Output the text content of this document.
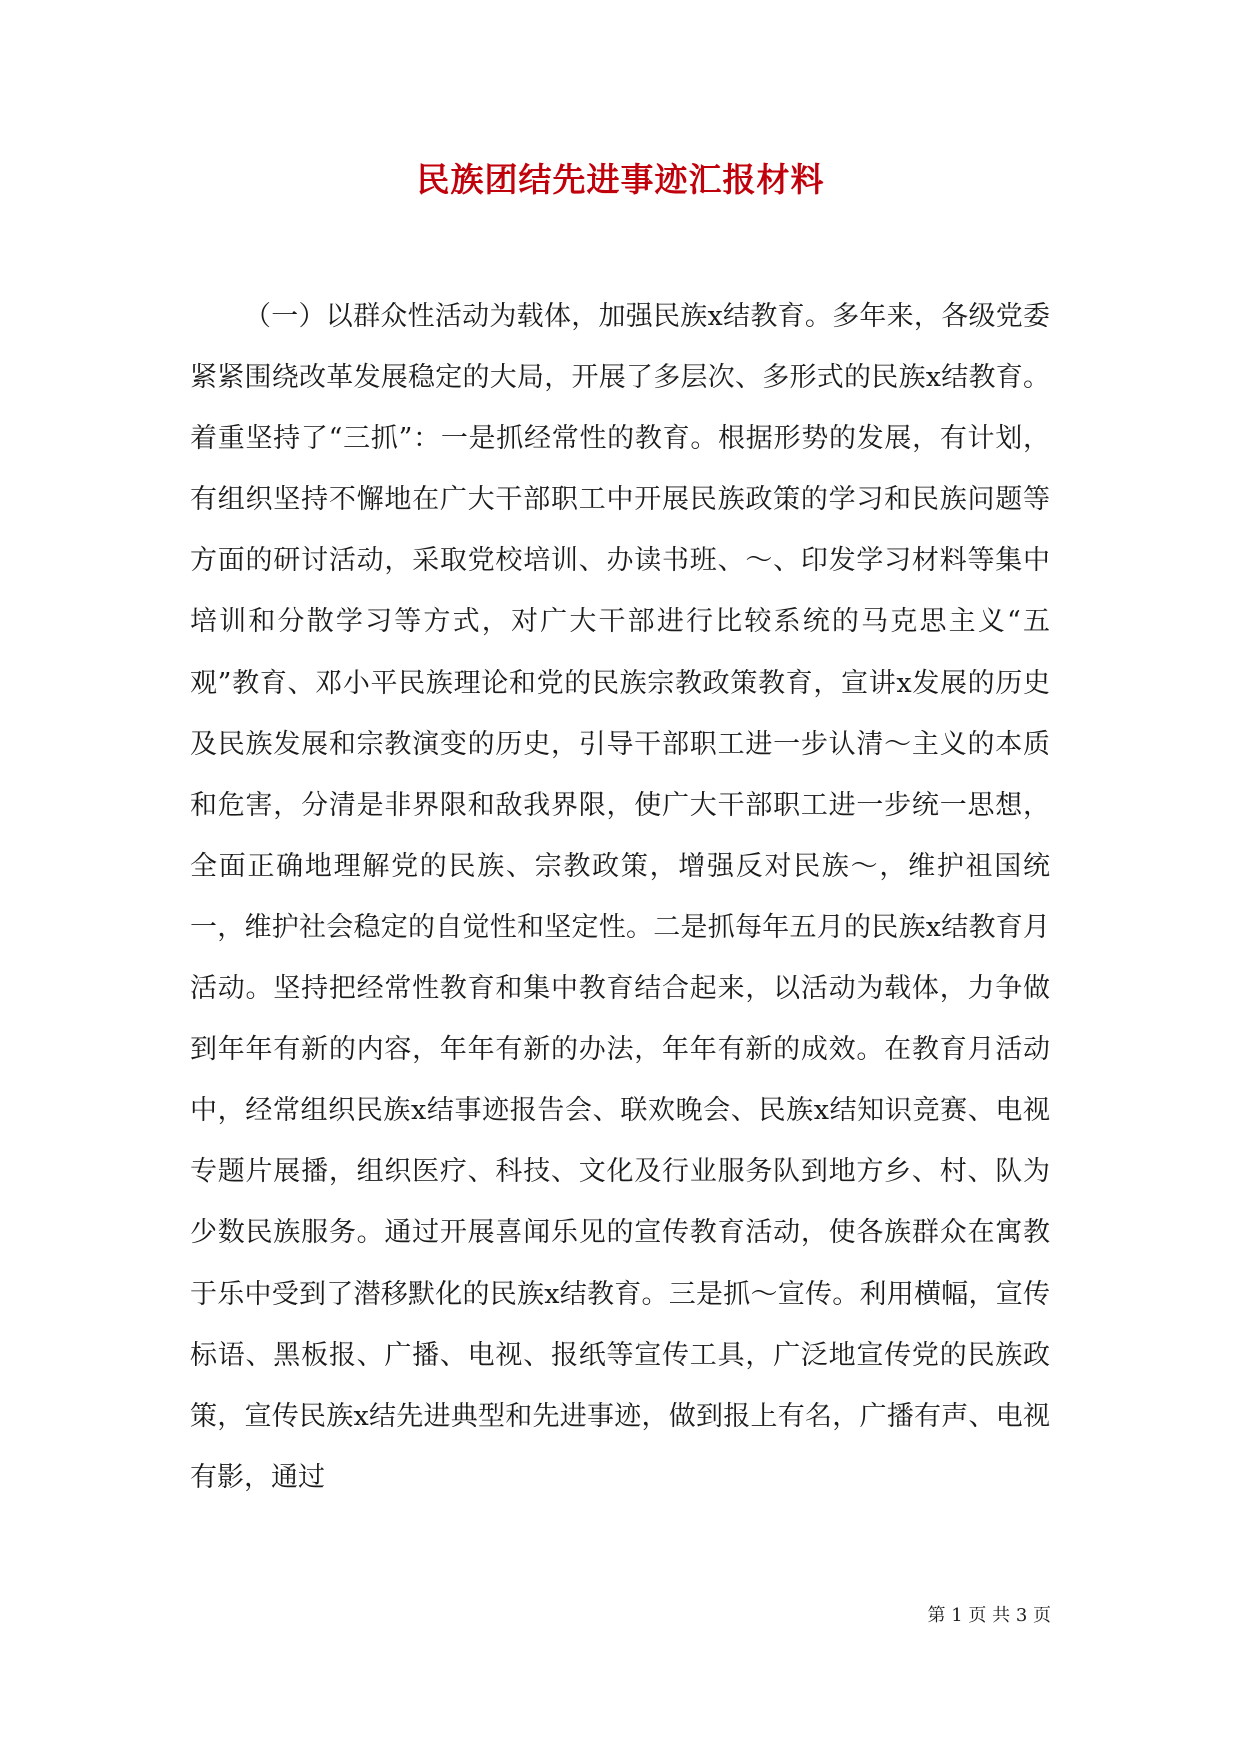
民族团结先进事迹汇报材料

（一）以群众性活动为载体，加强民族x结教育。多年来，各级党委紧紧围绕改革发展稳定的大局，开展了多层次、多形式的民族x结教育。着重坚持了“三抓”：一是抓经常性的教育。根据形势的发展，有计划，有组织坚持不懈地在广大干部职工中开展民族政策的学习和民族问题等方面的研讨活动，采取党校培训、办读书班、～、印发学习材料等集中培训和分散学习等方式，对广大干部进行比较系统的马克思主义“五观”教育、邓小平民族理论和党的民族宗教政策教育，宣讲x发展的历史及民族发展和宗教演变的历史，引导干部职工进一步认清～主义的本质和危害，分清是非界限和敌我界限，使广大干部职工进一步统一思想，全面正确地理解党的民族、宗教政策，增强反对民族～，维护祖国统一，维护社会稳定的自觉性和坚定性。二是抓每年五月的民族x结教育月活动。坚持把经常性教育和集中教育结合起来，以活动为载体，力争做到年年有新的内容，年年有新的办法，年年有新的成效。在教育月活动中，经常组织民族x结事迹报告会、联欢晚会、民族x结知识竞赛、电视专题片展播，组织医疗、科技、文化及行业服务队到地方乡、村、队为少数民族服务。通过开展喜闻乐见的宣传教育活动，使各族群众在寓教于乐中受到了潜移默化的民族x结教育。三是抓～宣传。利用横幅，宣传标语、黑板报、广播、电视、报纸等宣传工具，广泛地宣传党的民族政策，宣传民族x结先进典型和先进事迹，做到报上有名，广播有声、电视有影，通过

第 1 页 共 3 页
